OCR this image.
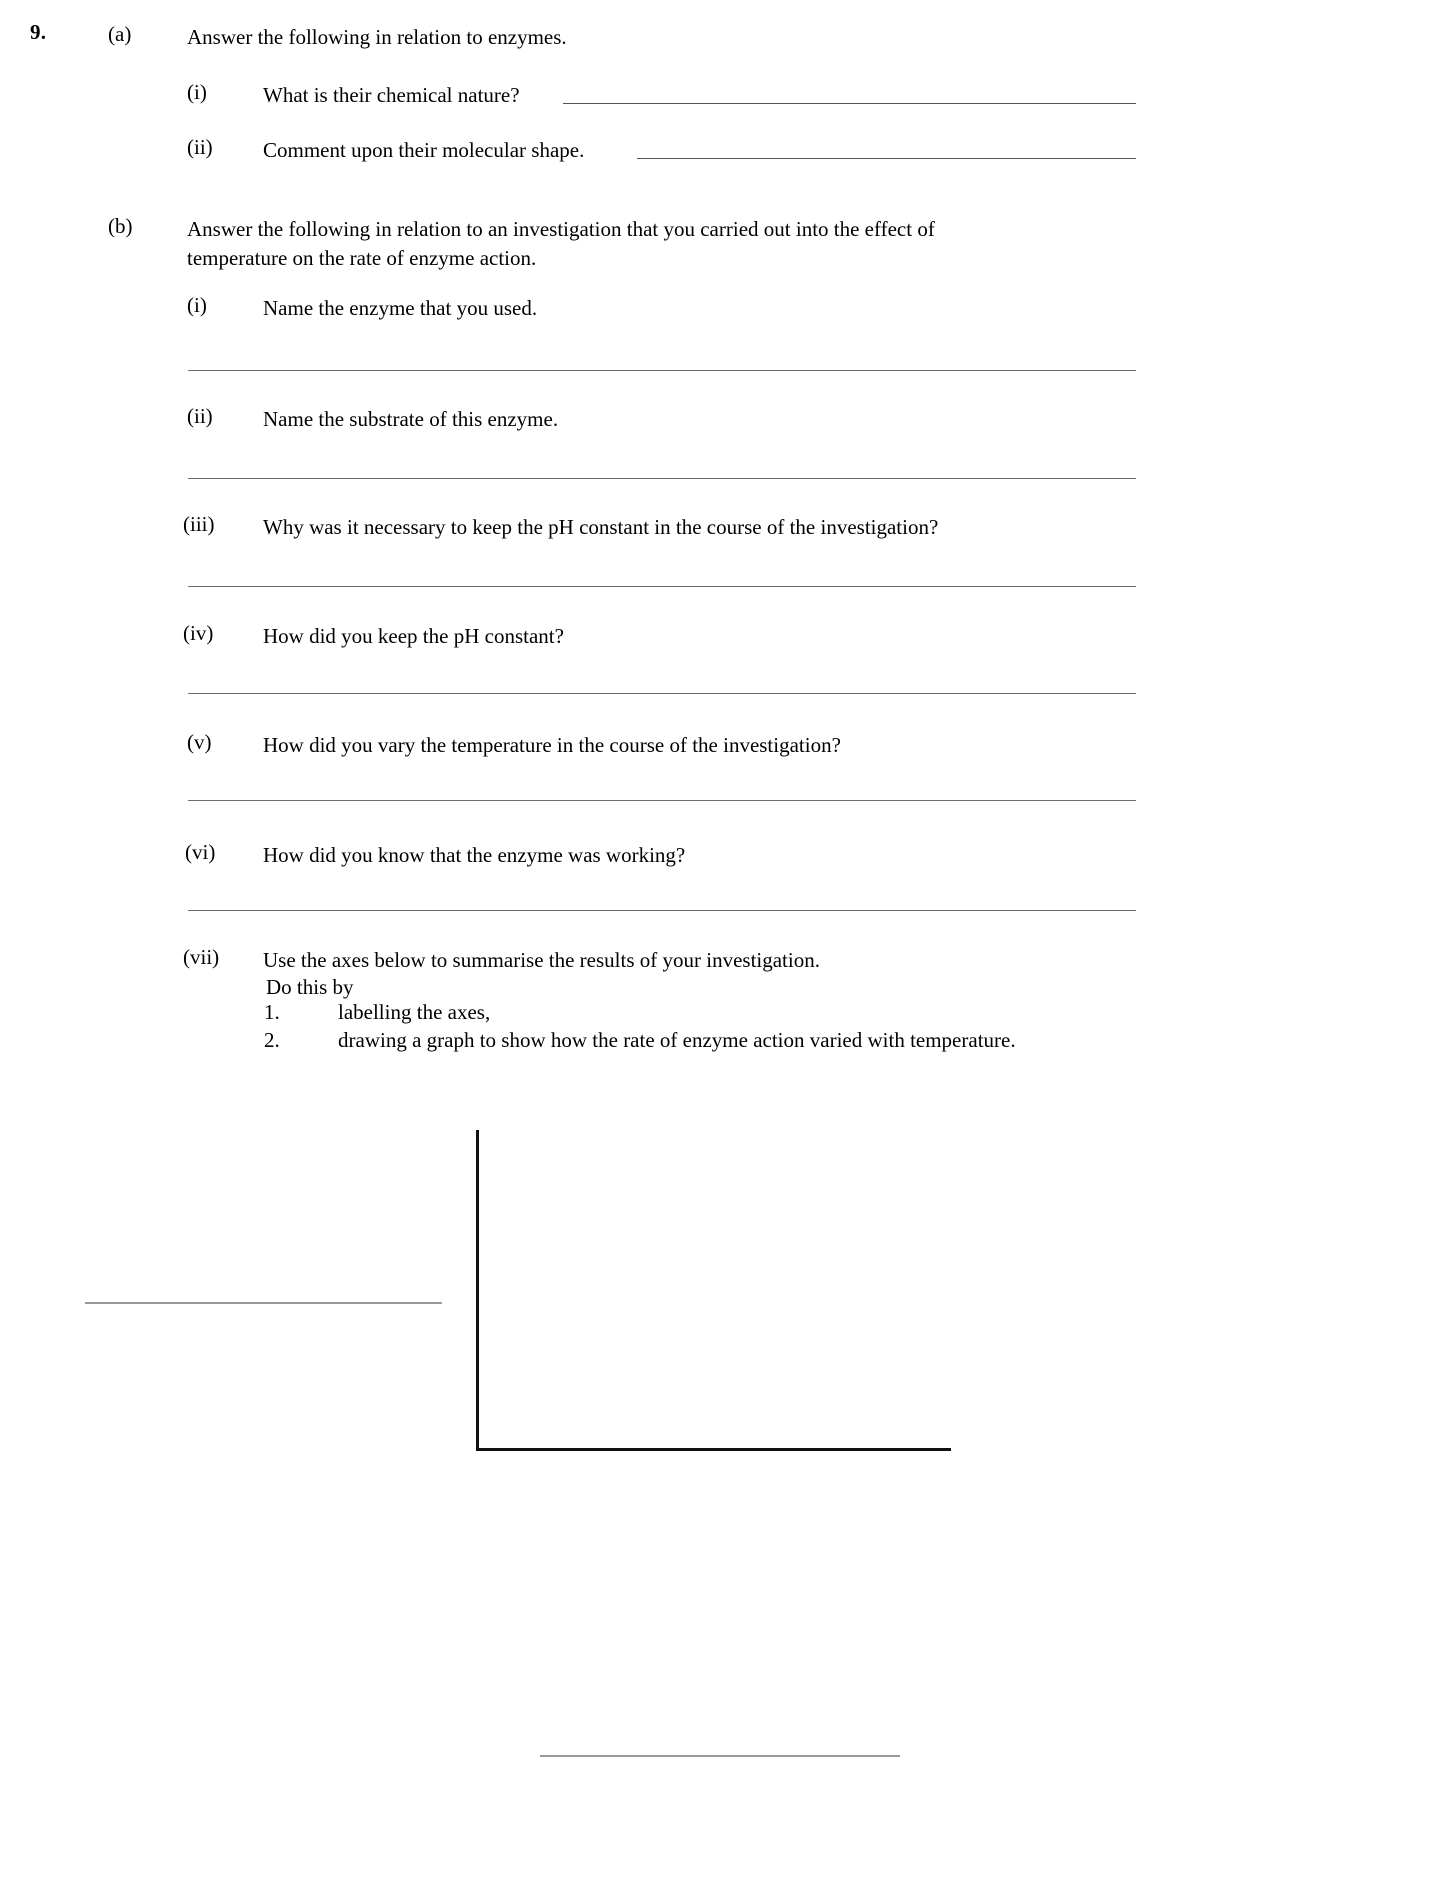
9.	(a)	Answer the following in relation to enzymes.
(i)	What is their chemical nature?
(ii) Comment upon their molecular shape.
(b)	Answer the following in relation to an investigation that you carried out into the effect of
temperature on the rate of enzyme action.
(i)	Name the enzyme that you used.
(ii) Name the substrate of this enzyme.
(iii) Why was it necessary to keep the pH constant in the course of the investigation?
(iv) How did you keep the pH constant?
(v) How did you vary the temperature in the course of the investigation?
(vi) How did you know that the enzyme was working?
(vii) Use the axes below to summarise the results of your investigation.
Do this by
1.	labelling the axes,
2.	drawing a graph to show how the rate of enzyme action varied with temperature.
